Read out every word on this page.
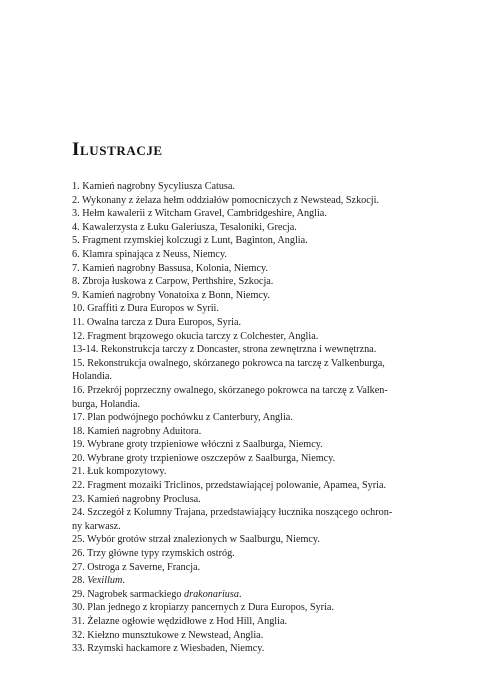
Ilustracje
1. Kamień nagrobny Sycyliusza Catusa.
2. Wykonany z żelaza hełm oddziałów pomocniczych z Newstead, Szkocji.
3. Hełm kawalerii z Witcham Gravel, Cambridgeshire, Anglia.
4. Kawalerzysta z Łuku Galeriusza, Tesaloniki, Grecja.
5. Fragment rzymskiej kolczugi z Lunt, Baginton, Anglia.
6. Klamra spinająca z Neuss, Niemcy.
7. Kamień nagrobny Bassusa, Kolonia, Niemcy.
8. Zbroja łuskowa z Carpow, Perthshire, Szkocja.
9. Kamień nagrobny Vonatoixa z Bonn, Niemcy.
10. Graffiti z Dura Europos w Syrii.
11. Owalna tarcza z Dura Europos, Syria.
12. Fragment brązowego okucia tarczy z Colchester, Anglia.
13-14. Rekonstrukcja tarczy z Doncaster, strona zewnętrzna i wewnętrzna.
15. Rekonstrukcja owalnego, skórzanego pokrowca na tarczę z Valkenburga,
Holandia.
16. Przekrój poprzeczny owalnego, skórzanego pokrowca na tarczę z Valken-
burga, Holandia.
17. Plan podwójnego pochówku z Canterbury, Anglia.
18. Kamień nagrobny Aduitora.
19. Wybrane groty trzpieniowe włóczni z Saalburga, Niemcy.
20. Wybrane groty trzpieniowe oszczepów z Saalburga, Niemcy.
21. Łuk kompozytowy.
22. Fragment mozaiki Triclinos, przedstawiającej polowanie, Apamea, Syria.
23. Kamień nagrobny Proclusa.
24. Szczegół z Kolumny Trajana, przedstawiający łucznika noszącego ochron-
ny karwasz.
25. Wybór grotów strzał znalezionych w Saalburgu, Niemcy.
26. Trzy główne typy rzymskich ostróg.
27. Ostroga z Saverne, Francja.
28. Vexillum.
29. Nagrobek sarmackiego drakonariusa.
30. Plan jednego z kropiarzy pancernych z Dura Europos, Syria.
31. Żelazne ogłowie wędzidłowe z Hod Hill, Anglia.
32. Kiełzno munsztukowe z Newstead, Anglia.
33. Rzymski hackamore z Wiesbaden, Niemcy.
